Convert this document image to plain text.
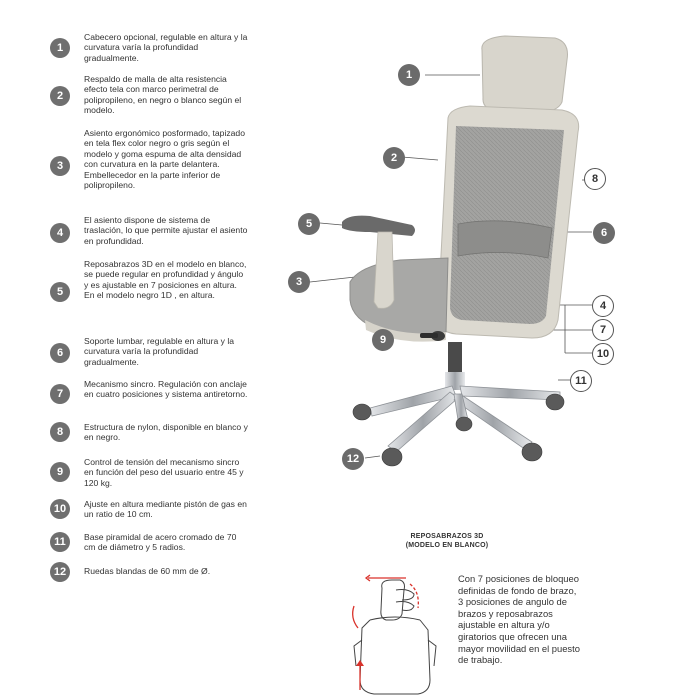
1
Cabecero opcional, regulable en altura y la curvatura varía la profundidad gradualmente.
2
Respaldo de malla de alta resistencia efecto tela con marco perimetral de polipropileno, en negro o blanco según el modelo.
3
Asiento ergonómico posformado, tapizado en tela flex color negro o gris según el modelo y goma espuma de alta densidad con curvatura en la parte delantera. Embellecedor en la parte inferior de polipropileno.
4
El asiento dispone de sistema de traslación, lo que permite ajustar el asiento en profundidad.
5
Reposabrazos 3D en el modelo en blanco, se puede regular en profundidad y ángulo y es ajustable en 7 posiciones en altura. En el modelo negro 1D , en altura.
6
Soporte lumbar, regulable en altura y la curvatura varía la profundidad gradualmente.
7
Mecanismo sincro. Regulación con anclaje en cuatro posiciones y sistema antiretorno.
8	Estructura de nylon, disponible en blanco y en negro.
9
Control de tensión del mecanismo sincro en función del peso del usuario entre 45 y 120 kg.
10	Ajuste en altura mediante pistón de gas en un ratio de 10 cm.
11	Base piramidal de acero cromado de 70 cm de diámetro y 5 radios.
12	Ruedas blandas de 60 mm de Ø.
1
2
3
4
5
6
7
8
9
10
11
12
REPOSABRAZOS 3D
(MODELO EN BLANCO)
Con 7 posiciones de bloqueo definidas de fondo de brazo, 3 posiciones de angulo de brazos y reposabrazos ajustable en altura y/o giratorios que ofrecen una mayor movilidad en el puesto de trabajo.
